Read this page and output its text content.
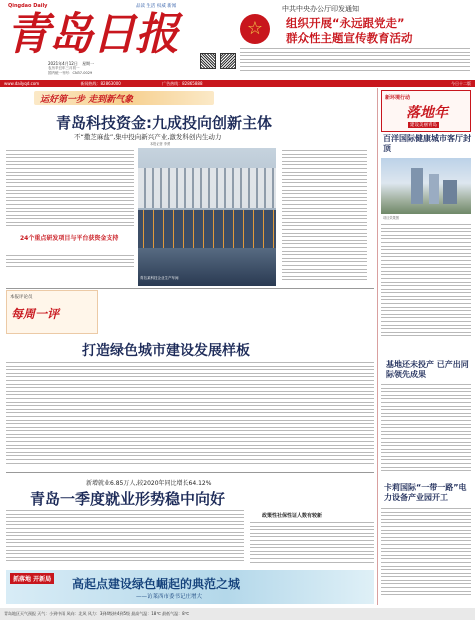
Qingdao Daily	品读 生活 权威 新闻
青岛日报
2021年4月12日 星期一
农历辛丑年三月初一
国内统一刊号：CN37-0029
中共中央办公厅印发通知
☆	组织开展“永远跟党走”
群众性主题宣传教育活动
www.dailyqd.com	新闻热线：82863000	广告热线：82865888	今日十二版
运好第一步 走到新气象
青岛科技资金:九成投向创新主体
不“撒芝麻盐”,集中投向新兴产业,激发科创内生动力
本报记者 李勇
24个重点研发项目与平台获资金支持
青岛某科技企业生产车间
新环境行动
落地年
建设美丽青岛
百洋国际健康城市客厅封顶
项目效果图
基地还未投产 已产出同际领先成果
卡莉国际“一带一路”电力设备产业园开工
本报评论员
每周一评
打造绿色城市建设发展样板
新增就业6.85万人,较2020年同比增长64.12%
青岛一季度就业形势稳中向好
政策性社保性证人数有较新
抓落地 开新局 高起点建设绿色崛起的典范之城
——访莱西市委书记庄增大
青岛地区天气预报 天气：小到中雨 风向：北风 风力：3到4级转4到5级 最高气温：18℃ 最低气温：8℃
